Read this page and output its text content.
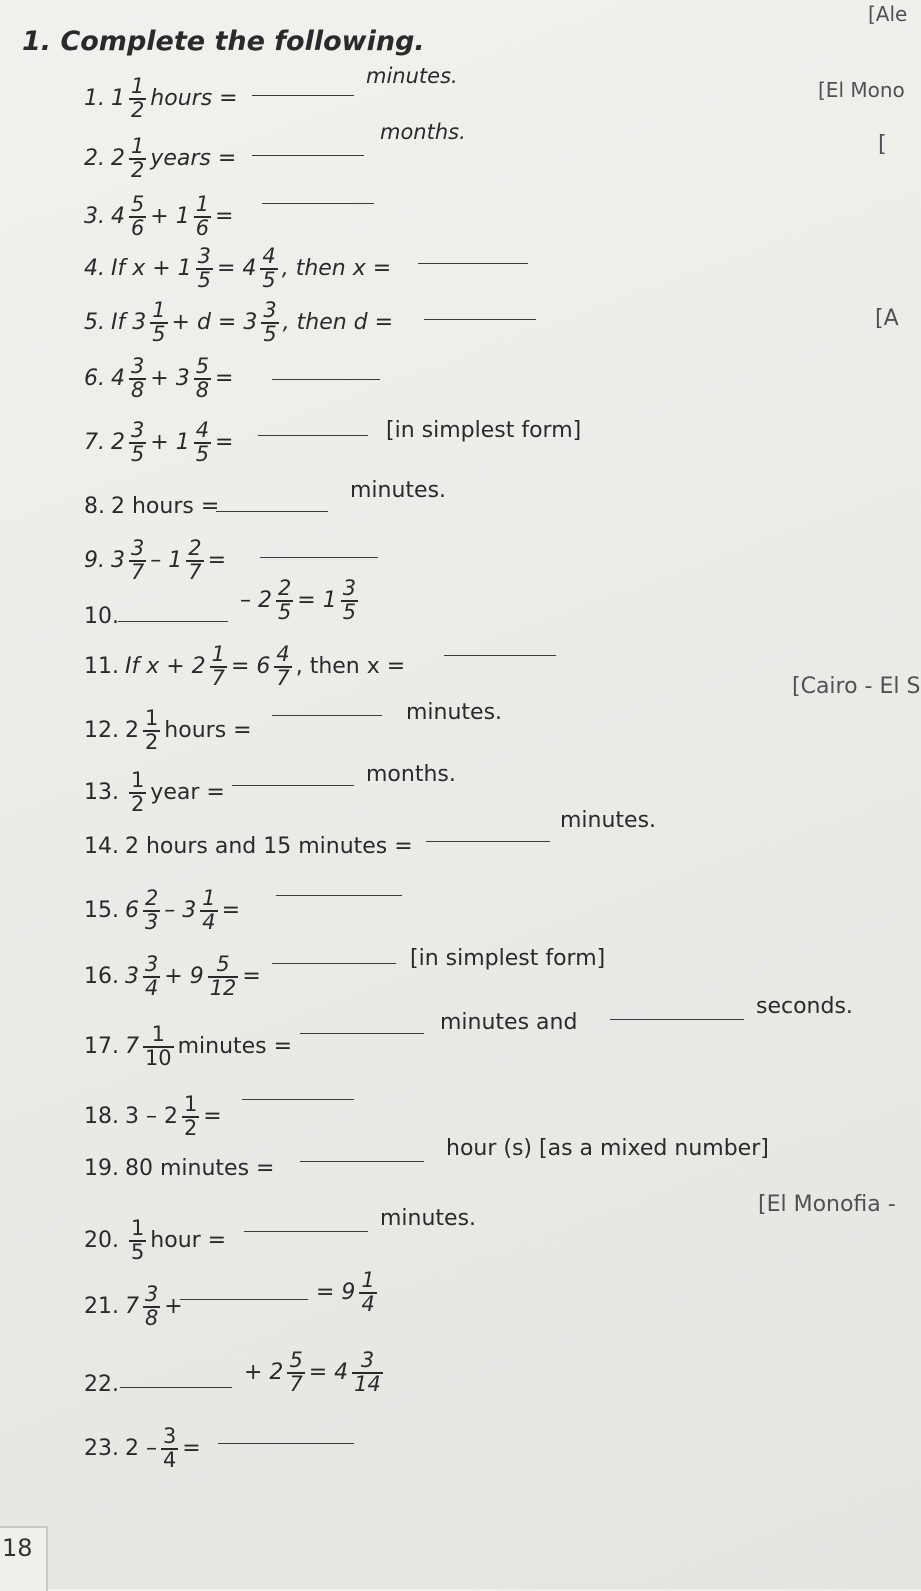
1. Complete the following.
[Ale
[El Mono
[
[A
[Cairo - El S
[El Monofia -
1. $1 \frac{1}{2}$ hours =
minutes.
2. $2 \frac{1}{2}$ years =
months.
3. $4 \frac{5}{6}$ +
$1 \frac{1}{6}$ =
4. If $x + 1 \frac{3}{5} = 4 \frac{4}{5}$ , then x =
5. If $3 \frac{1}{5} + d = 3 \frac{3}{5}$ , then d =
6. $4 \frac{3}{8} + 3 \frac{5}{8}$ =
7. $2 \frac{3}{5} + 1 \frac{4}{5}$ =	[in simplest form]
8. 2 hours =
minutes.
9. $3 \frac{3}{7} - 1 \frac{2}{7}$ =
10.
– $2 \frac{2}{5} = 1 \frac{3}{5}$
11. If $x + 2 \frac{1}{7} = 6 \frac{4}{7}$ , then x =
12. $2 \frac{1}{2}$ hours =
minutes.
13. $\frac{1}{2}$ year =
months.
14. 2 hours and 15 minutes =
minutes.
15. $6 \frac{2}{3} - 3 \frac{1}{4}$ =
16. $3 \frac{3}{4} + 9 \frac{5}{12}$ =
[in simplest form]
17. $7 \frac{1}{10}$ minutes =
minutes and
seconds.
18. $3 - 2 \frac{1}{2}$ =
19. 80 minutes =
hour (s) [as a mixed number]
20. $\frac{1}{5}$ hour =
minutes.
21. $7 \frac{3}{8}$ +
= $9 \frac{1}{4}$
22.	+ $2 \frac{5}{7} = 4 \frac{3}{14}$
23. $2 - \frac{3}{4}$ =
18
